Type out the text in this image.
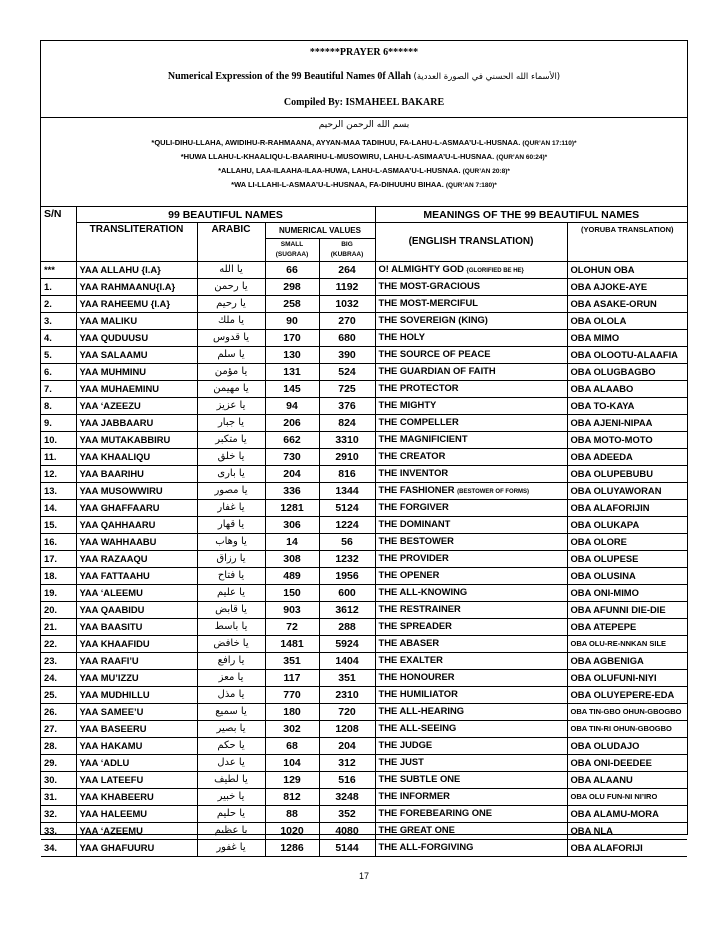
******PRAYER 6******
Numerical Expression of the 99 Beautiful Names 0f Allah (الأسماء الله الحسني في الصورة العددية)
Compiled By: ISMAHEEL BAKARE
بسم الله الرحمن الرحيم
*QULI-DIHU-LLAHA, AWIDIHU-R-RAHMAANA, AYYAN-MAA TADIHUU, FA-LAHU-L-ASMAA’U-L-HUSNAA. (QUR’AN 17:110)*
*HUWA LLAHU-L-KHAALIQU-L-BAARIHU-L-MUSOWIRU, LAHU-L-ASIMAA’U-L-HUSNAA. (QUR’AN 60:24)*
*ALLAHU, LAA-ILAAHA-ILAA-HUWA, LAHU-L-ASMAA’U-L-HUSNAA. (QUR’AN 20:8)*
*WA LI-LLAHI-L-ASMAA’U-L-HUSNAA, FA-DIHUUHU BIHAA. (QUR’AN 7:180)*
S/N	99 BEAUTIFUL NAMES				MEANINGS OF THE 99 BEAUTIFUL NAMES	
	TRANSLITERATION	ARABIC	NUMERICAL VALUES		(ENGLISH TRANSLATION)	(YORUBA TRANSLATION)
			SMALL
(SUGRAA)	BIG
(KUBRAA)		
***	YAA ALLAHU {I.A}	يا الله	66	264	O! ALMIGHTY GOD {GLORIFIED BE HE}	OLOHUN OBA
1.	YAA RAHMAANU{I.A}	يا رحمن	298	1192	THE MOST-GRACIOUS	OBA AJOKE-AYE
2.	YAA RAHEEMU {I.A}	يا رحيم	258	1032	THE MOST-MERCIFUL	OBA ASAKE-ORUN
3.	YAA MALIKU	يا ملك	90	270	THE SOVEREIGN (KING)	OBA OLOLA
4.	YAA QUDUUSU	يا قدوس	170	680	THE HOLY	OBA MIMO
5.	YAA SALAAMU	يا سلم	130	390	THE SOURCE OF PEACE	OBA OLOOTU-ALAAFIA
6.	YAA MUHMINU	يا مؤمن	131	524	THE GUARDIAN OF FAITH	OBA OLUGBAGBO
7.	YAA MUHAEMINU	يا مهيمن	145	725	THE PROTECTOR	OBA ALAABO
8.	YAA ‘AZEEZU	يا عزيز	94	376	THE MIGHTY	OBA TO-KAYA
9.	YAA JABBAARU	يا جبار	206	824	THE COMPELLER	OBA AJENI-NIPAA
10.	YAA MUTAKABBIRU	يا متكبر	662	3310	THE MAGNIFICIENT	OBA MOTO-MOTO
11.	YAA KHAALIQU	يا خلق	730	2910	THE CREATOR	OBA ADEEDA
12.	YAA BAARIHU	يا بارى	204	816	THE INVENTOR	OBA OLUPEBUBU
13.	YAA MUSOWWIRU	يا مصور	336	1344	THE FASHIONER (BESTOWER OF FORMS)	OBA OLUYAWORAN
14.	YAA GHAFFAARU	يا غفار	1281	5124	THE FORGIVER	OBA ALAFORIJIN
15.	YAA QAHHAARU	يا قهار	306	1224	THE DOMINANT	OBA OLUKAPA
16.	YAA WAHHAABU	يا وهاب	14	56	THE BESTOWER	OBA OLORE
17.	YAA RAZAAQU	يا رزاق	308	1232	THE PROVIDER	OBA OLUPESE
18.	YAA FATTAAHU	يا فتاح	489	1956	THE OPENER	OBA OLUSINA
19.	YAA ‘ALEEMU	يا عليم	150	600	THE ALL-KNOWING	OBA ONI-MIMO
20.	YAA QAABIDU	يا قابض	903	3612	THE RESTRAINER	OBA AFUNNI DIE-DIE
21.	YAA BAASITU	يا باسط	72	288	THE SPREADER	OBA ATEPEPE
22.	YAA KHAAFIDU	يا خافض	1481	5924	THE ABASER	OBA OLU-RE-NNKAN SILE
23.	YAA RAAFI’U	يا رافع	351	1404	THE EXALTER	OBA AGBENIGA
24.	YAA MU’IZZU	يا معز	117	351	THE HONOURER	OBA OLUFUNI-NIYI
25.	YAA MUDHILLU	يا مذل	770	2310	THE HUMILIATOR	OBA OLUYEPERE-EDA
26.	YAA SAMEE’U	يا سميع	180	720	THE ALL-HEARING	OBA TIN-GBO OHUN-GBOGBO
27.	YAA BASEERU	يا بصير	302	1208	THE ALL-SEEING	OBA TIN-RI OHUN-GBOGBO
28.	YAA HAKAMU	يا حكم	68	204	THE JUDGE	OBA OLUDAJO
29.	YAA ‘ADLU	يا عدل	104	312	THE JUST	OBA ONI-DEEDEE
30.	YAA LATEEFU	يا لطيف	129	516	THE SUBTLE ONE	OBA ALAANU
31.	YAA KHABEERU	يا خبير	812	3248	THE INFORMER	OBA OLU FUN-NI NI’IRO
32.	YAA HALEEMU	يا حليم	88	352	THE FOREBEARING ONE	OBA ALAMU-MORA
33.	YAA ‘AZEEMU	يا عظيم	1020	4080	THE GREAT ONE	OBA NLA
34.	YAA GHAFUURU	يا غفور	1286	5144	THE ALL-FORGIVING	OBA ALAFORIJI
17
